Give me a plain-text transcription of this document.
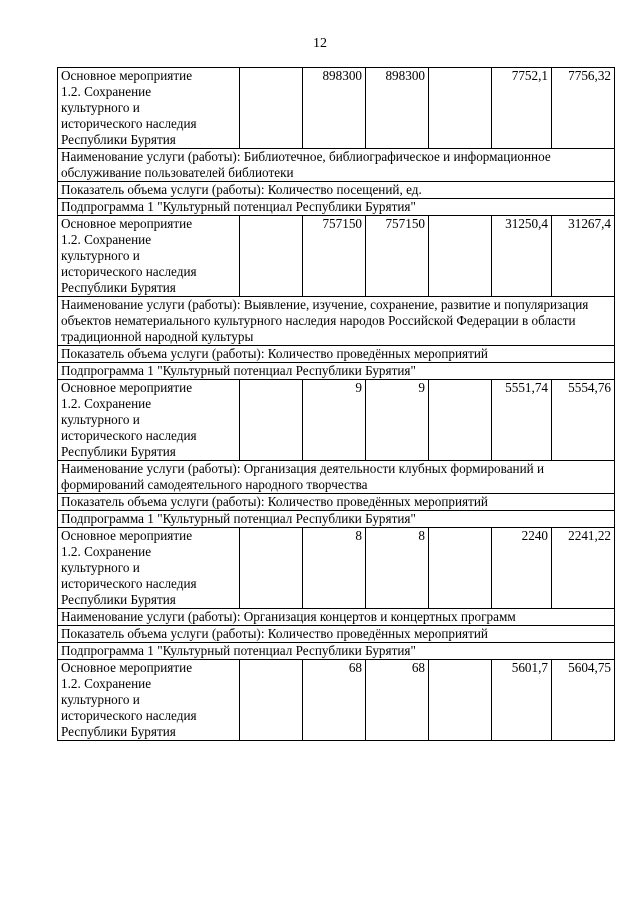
12
Основное мероприятие
1.2. Сохранение
культурного и
исторического наследия
Республики Бурятия		898300	898300		7752,1	7756,32
Наименование услуги (работы): Библиотечное, библиографическое и информационное обслуживание пользователей библиотеки						
Показатель объема услуги (работы): Количество посещений, ед.						
Подпрограмма 1 "Культурный потенциал Республики Бурятия"						
Основное мероприятие
1.2. Сохранение
культурного и
исторического наследия
Республики Бурятия		757150	757150		31250,4	31267,4
Наименование услуги (работы): Выявление, изучение, сохранение, развитие и популяризация объектов нематериального культурного наследия народов Российской Федерации в области традиционной народной культуры						
Показатель объема услуги (работы): Количество проведённых мероприятий						
Подпрограмма 1 "Культурный потенциал Республики Бурятия"						
Основное мероприятие
1.2. Сохранение
культурного и
исторического наследия
Республики Бурятия		9	9		5551,74	5554,76
Наименование услуги (работы): Организация деятельности клубных формирований и формирований самодеятельного народного творчества						
Показатель объема услуги (работы): Количество проведённых мероприятий						
Подпрограмма 1 "Культурный потенциал Республики Бурятия"						
Основное мероприятие
1.2. Сохранение
культурного и
исторического наследия
Республики Бурятия		8	8		2240	2241,22
Наименование услуги (работы): Организация концертов и концертных программ						
Показатель объема услуги (работы): Количество проведённых мероприятий						
Подпрограмма 1 "Культурный потенциал Республики Бурятия"						
Основное мероприятие
1.2. Сохранение
культурного и
исторического наследия
Республики Бурятия		68	68		5601,7	5604,75
